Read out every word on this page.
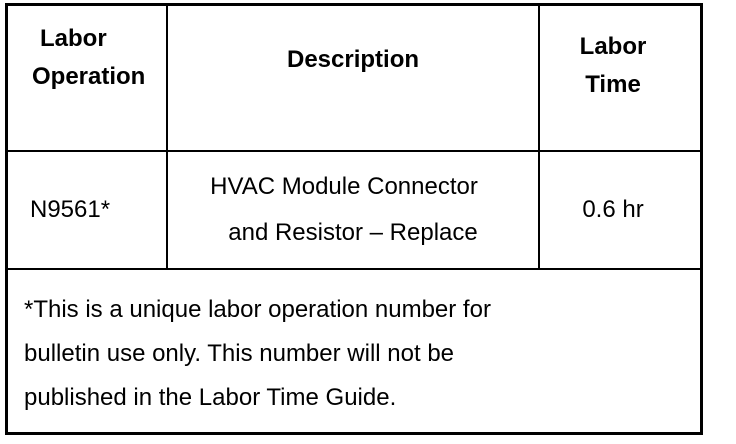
Labor
Operation
Description	Labor
Time
N9561*
HVAC Module Connector
and Resistor – Replace
0.6 hr
*This is a unique labor operation number for
bulletin use only. This number will not be
published in the Labor Time Guide.
